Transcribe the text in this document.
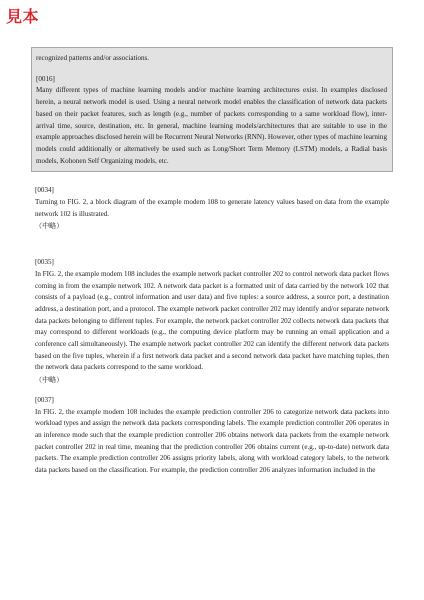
見本

recognized patterns and/or associations.

[0016]

Many different types of machine learning models and/or machine learning architectures exist. In examples disclosed herein, a neural network model is used. Using a neural network model enables the classification of network data packets based on their packet features, such as length (e.g., number of packets corresponding to a same workload flow), inter-arrival time, source, destination, etc. In general, machine learning models/architectures that are suitable to use in the example approaches disclosed herein will be Recurrent Neural Networks (RNN). However, other types of machine learning models could additionally or alternatively be used such as Long/Short Term Memory (LSTM) models, a Radial basis models, Kohonen Self Organizing models, etc.

[0034]

Turning to FIG. 2, a block diagram of the example modem 108 to generate latency values based on data from the example network 102 is illustrated.

（中略）
[0035]

In FIG. 2, the example modem 108 includes the example network packet controller 202 to control network data packet flows coming in from the example network 102. A network data packet is a formatted unit of data carried by the network 102 that consists of a payload (e.g., control information and user data) and five tuples: a source address, a source port, a destination address, a destination port, and a protocol. The example network packet controller 202 may identify and/or separate network data packets belonging to different tuples. For example, the network packet controller 202 collects network data packets that may correspond to different workloads (e.g., the computing device platform may be running an email application and a conference call simultaneously). The example network packet controller 202 can identify the different network data packets based on the five tuples, wherein if a first network data packet and a second network data packet have matching tuples, then the network data packets correspond to the same workload.

（中略）
[0037]

In FIG. 2, the example modem 108 includes the example prediction controller 206 to categorize network data packets into workload types and assign the network data packets corresponding labels. The example prediction controller 206 operates in an inference mode such that the example prediction controller 206 obtains network data packets from the example network packet controller 202 in real time, meaning that the prediction controller 206 obtains current (e.g., up-to-date) network data packets. The example prediction controller 206 assigns priority labels, along with workload category labels, to the network data packets based on the classification. For example, the prediction controller 206 analyzes information included in the
